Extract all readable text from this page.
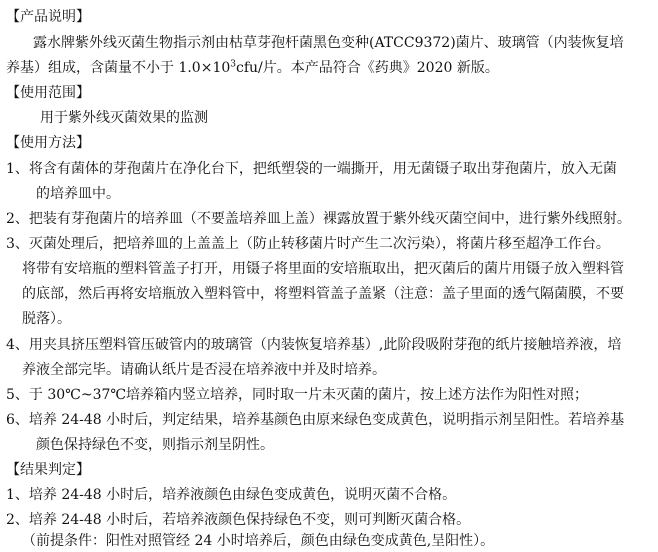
【产品说明】
露水牌紫外线灭菌生物指示剂由枯草芽孢杆菌黑色变种(ATCC9372)菌片、玻璃管（内装恢复培
养基）组成，含菌量不小于 $1.0\times 10^3cfu/$片。本产品符合《药典》2020 新版。
【使用范围】
用于紫外线灭菌效果的监测
【使用方法】
1、将含有菌体的芽孢菌片在净化台下，把纸塑袋的一端撕开，用无菌镊子取出芽孢菌片，放入无菌
的培养皿中。
2、把装有芽孢菌片的培养皿（不要盖培养皿上盖）裸露放置于紫外线灭菌空间中，进行紫外线照射。
3、灭菌处理后，把培养皿的上盖盖上（防止转移菌片时产生二次污染），将菌片移至超净工作台。
将带有安培瓶的塑料管盖子打开，用镊子将里面的安培瓶取出，把灭菌后的菌片用镊子放入塑料管
的底部，然后再将安培瓶放入塑料管中，将塑料管盖子盖紧（注意：盖子里面的透气隔菌膜，不要
脱落）。
4、用夹具挤压塑料管压破管内的玻璃管（内装恢复培养基）,此阶段吸附芽孢的纸片接触培养液，培
养液全部完毕。请确认纸片是否浸在培养液中并及时培养。
5、于 30℃~37℃培养箱内竖立培养，同时取一片未灭菌的菌片，按上述方法作为阳性对照；
6、培养 24-48 小时后，判定结果，培养基颜色由原来绿色变成黄色，说明指示剂呈阳性。若培养基
颜色保持绿色不变，则指示剂呈阴性。
【结果判定】
1、培养 24-48 小时后，培养液颜色由绿色变成黄色，说明灭菌不合格。
2、培养 24-48 小时后，若培养液颜色保持绿色不变，则可判断灭菌合格。
（前提条件：阳性对照管经 24 小时培养后，颜色由绿色变成黄色,呈阳性）。
